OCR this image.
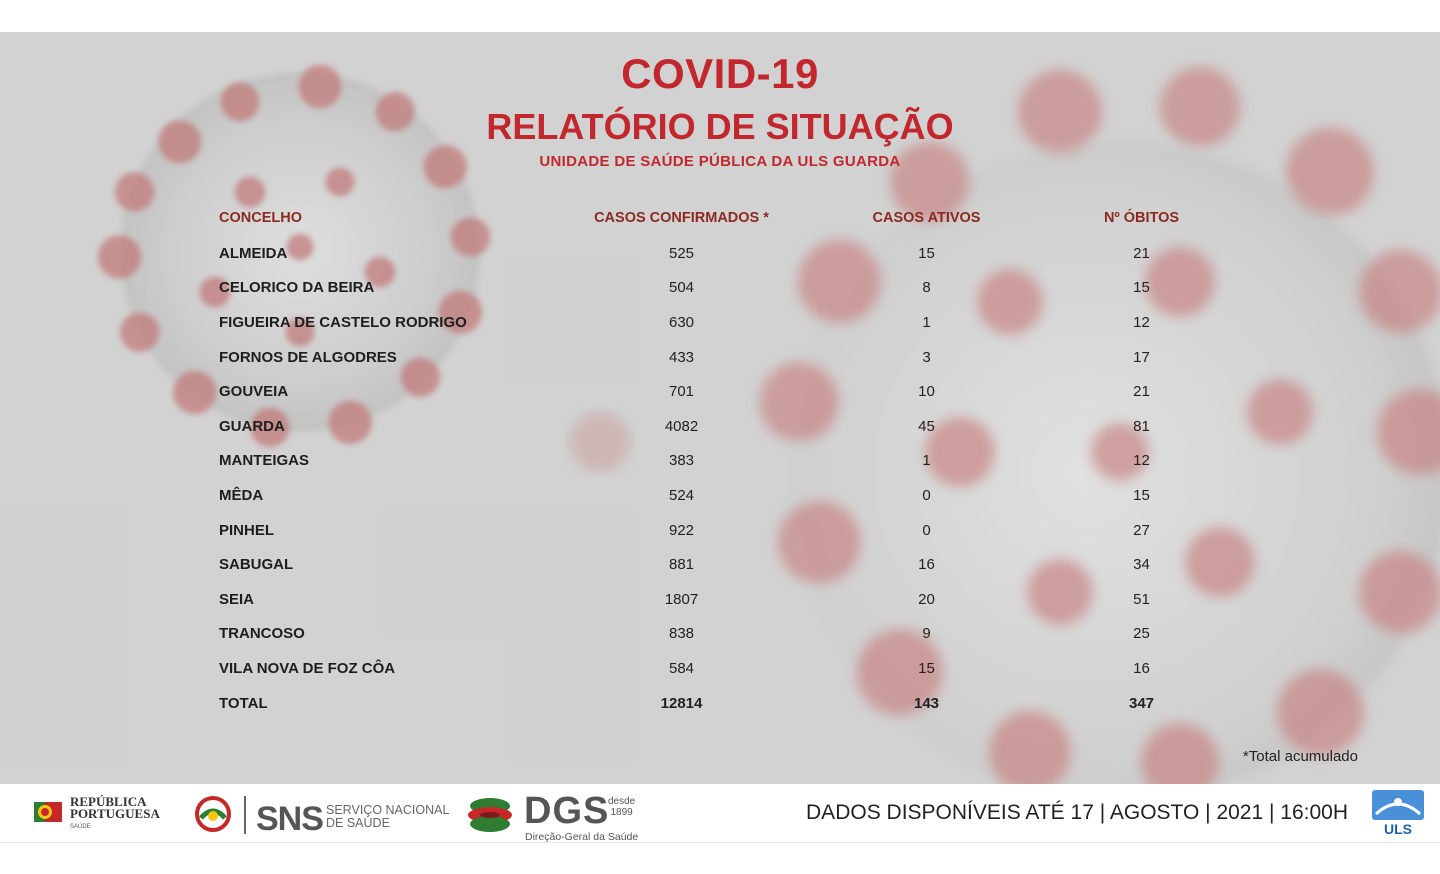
COVID-19
RELATÓRIO DE SITUAÇÃO
UNIDADE DE SAÚDE PÚBLICA DA ULS GUARDA
CONCELHO	CASOS CONFIRMADOS *	CASOS ATIVOS	Nº ÓBITOS
ALMEIDA	525	15	21
CELORICO DA BEIRA	504	8	15
FIGUEIRA DE CASTELO RODRIGO	630	1	12
FORNOS DE ALGODRES	433	3	17
GOUVEIA	701	10	21
GUARDA	4082	45	81
MANTEIGAS	383	1	12
MÊDA	524	0	15
PINHEL	922	0	27
SABUGAL	881	16	34
SEIA	1807	20	51
TRANCOSO	838	9	25
VILA NOVA DE FOZ CÔA	584	15	16
TOTAL	12814	143	347
*Total acumulado
REPÚBLICA
PORTUGUESA
SAÚDE	SNS SERVIÇO NACIONAL
DE SAÚDE	DGS
desde
1899
Direção-Geral da Saúde
DADOS DISPONÍVEIS ATÉ 17 | AGOSTO | 2021 | 16:00H
ULS
